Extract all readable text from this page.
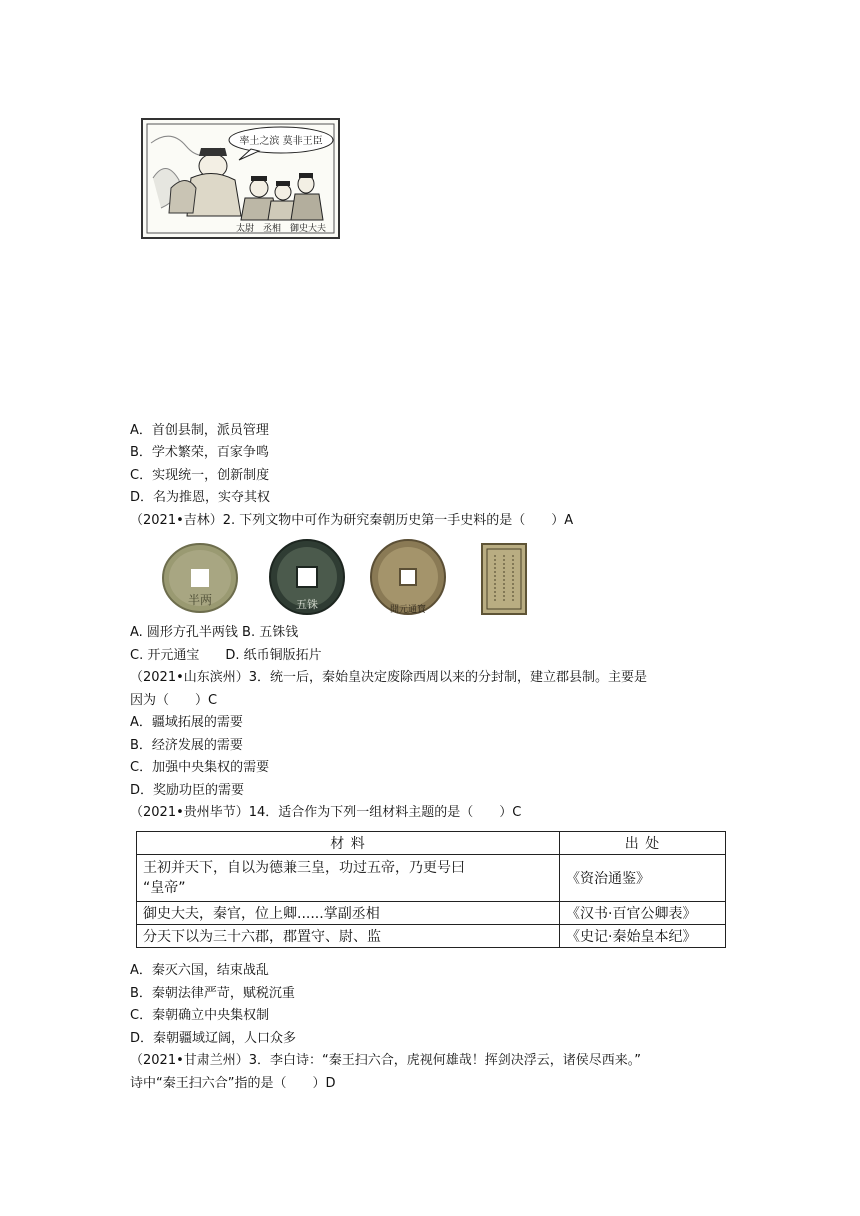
率土之滨 莫非王臣
太尉　丞相　御史大夫
A．首创县制，派员管理
B．学术繁荣，百家争鸣
C．实现统一，创新制度
D．名为推恩，实夺其权
（2021•吉林）2. 下列文物中可作为研究秦朝历史第一手史料的是（　　）A
半两	五铢	開元通寶
A. 圆形方孔半两钱 B. 五铢钱
C. 开元通宝　　D. 纸币铜版拓片
（2021•山东滨州）3．统一后，秦始皇决定废除西周以来的分封制，建立郡县制。主要是
因为（　　）C
A．疆域拓展的需要
B．经济发展的需要
C．加强中央集权的需要
D．奖励功臣的需要
（2021•贵州毕节）14．适合作为下列一组材料主题的是（　　）C
材 料	出 处
王初并天下，自以为德兼三皇，功过五帝，乃更号曰
“皇帝”	《资治通鉴》
御史大夫，秦官，位上卿......掌副丞相	《汉书·百官公卿表》
分天下以为三十六郡，郡置守、尉、监	《史记·秦始皇本纪》
A．秦灭六国，结束战乱
B．秦朝法律严苛，赋税沉重
C．秦朝确立中央集权制
D．秦朝疆域辽阔，人口众多
（2021•甘肃兰州）3．李白诗：“秦王扫六合，虎视何雄哉！挥剑决浮云，诸侯尽西来。”
诗中“秦王扫六合”指的是（　　）D
